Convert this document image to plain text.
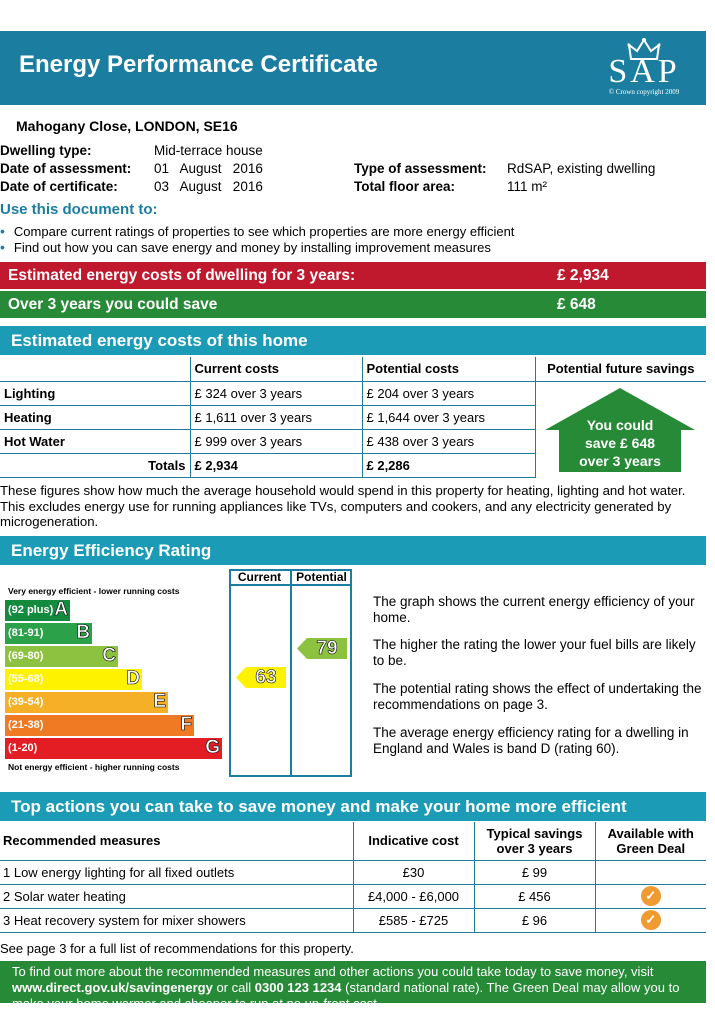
Energy Performance Certificate	SAP
© Crown copyright 2009
Mahogany Close, LONDON, SE16
Dwelling type:	Mid-terrace house
Date of assessment: 01   August   2016
Date of certificate:	03   August   2016
Type of assessment: RdSAP, existing dwelling
Total floor area:	111 m²
Use this document to:
• Compare current ratings of properties to see which properties are more energy efficient
• Find out how you can save energy and money by installing improvement measures
Estimated energy costs of dwelling for 3 years:	£ 2,934
Over 3 years you could save	£ 648
Estimated energy costs of this home
	Current costs	Potential costs	Potential future savings
Lighting	£ 324 over 3 years	£ 204 over 3 years	
Heating	£ 1,611 over 3 years	£ 1,644 over 3 years	
Hot Water	£ 999 over 3 years	£ 438 over 3 years	
Totals	£ 2,934	£ 2,286	
You could
save £ 648
over 3 years
These figures show how much the average household would spend in this property for heating, lighting and hot water. This excludes energy use for running appliances like TVs, computers and cookers, and any electricity generated by microgeneration.
Energy Efficiency Rating
Current	Potential
Very energy efficient - lower running costs
(92 plus) A
(81-91) B
(69-80)	C
(55-68)	D
(39-54)	E
(21-38)	F
(1-20)	G
Not energy efficient - higher running costs
63
79
The graph shows the current energy efficiency of your home.
The higher the rating the lower your fuel bills are likely to be.
The potential rating shows the effect of undertaking the recommendations on page 3.
The average energy efficiency rating for a dwelling in England and Wales is band D (rating 60).
Top actions you can take to save money and make your home more efficient
Recommended measures	Indicative cost	Typical savings over 3 years	Available with Green Deal
1 Low energy lighting for all fixed outlets	£30	£ 99	
2 Solar water heating	£4,000 - £6,000	£ 456	✓
3 Heat recovery system for mixer showers	£585 - £725	£ 96	✓
See page 3 for a full list of recommendations for this property.
To find out more about the recommended measures and other actions you could take today to save money, visit www.direct.gov.uk/savingenergy or call 0300 123 1234 (standard national rate). The Green Deal may allow you to make your home warmer and cheaper to run at no up-front cost.
